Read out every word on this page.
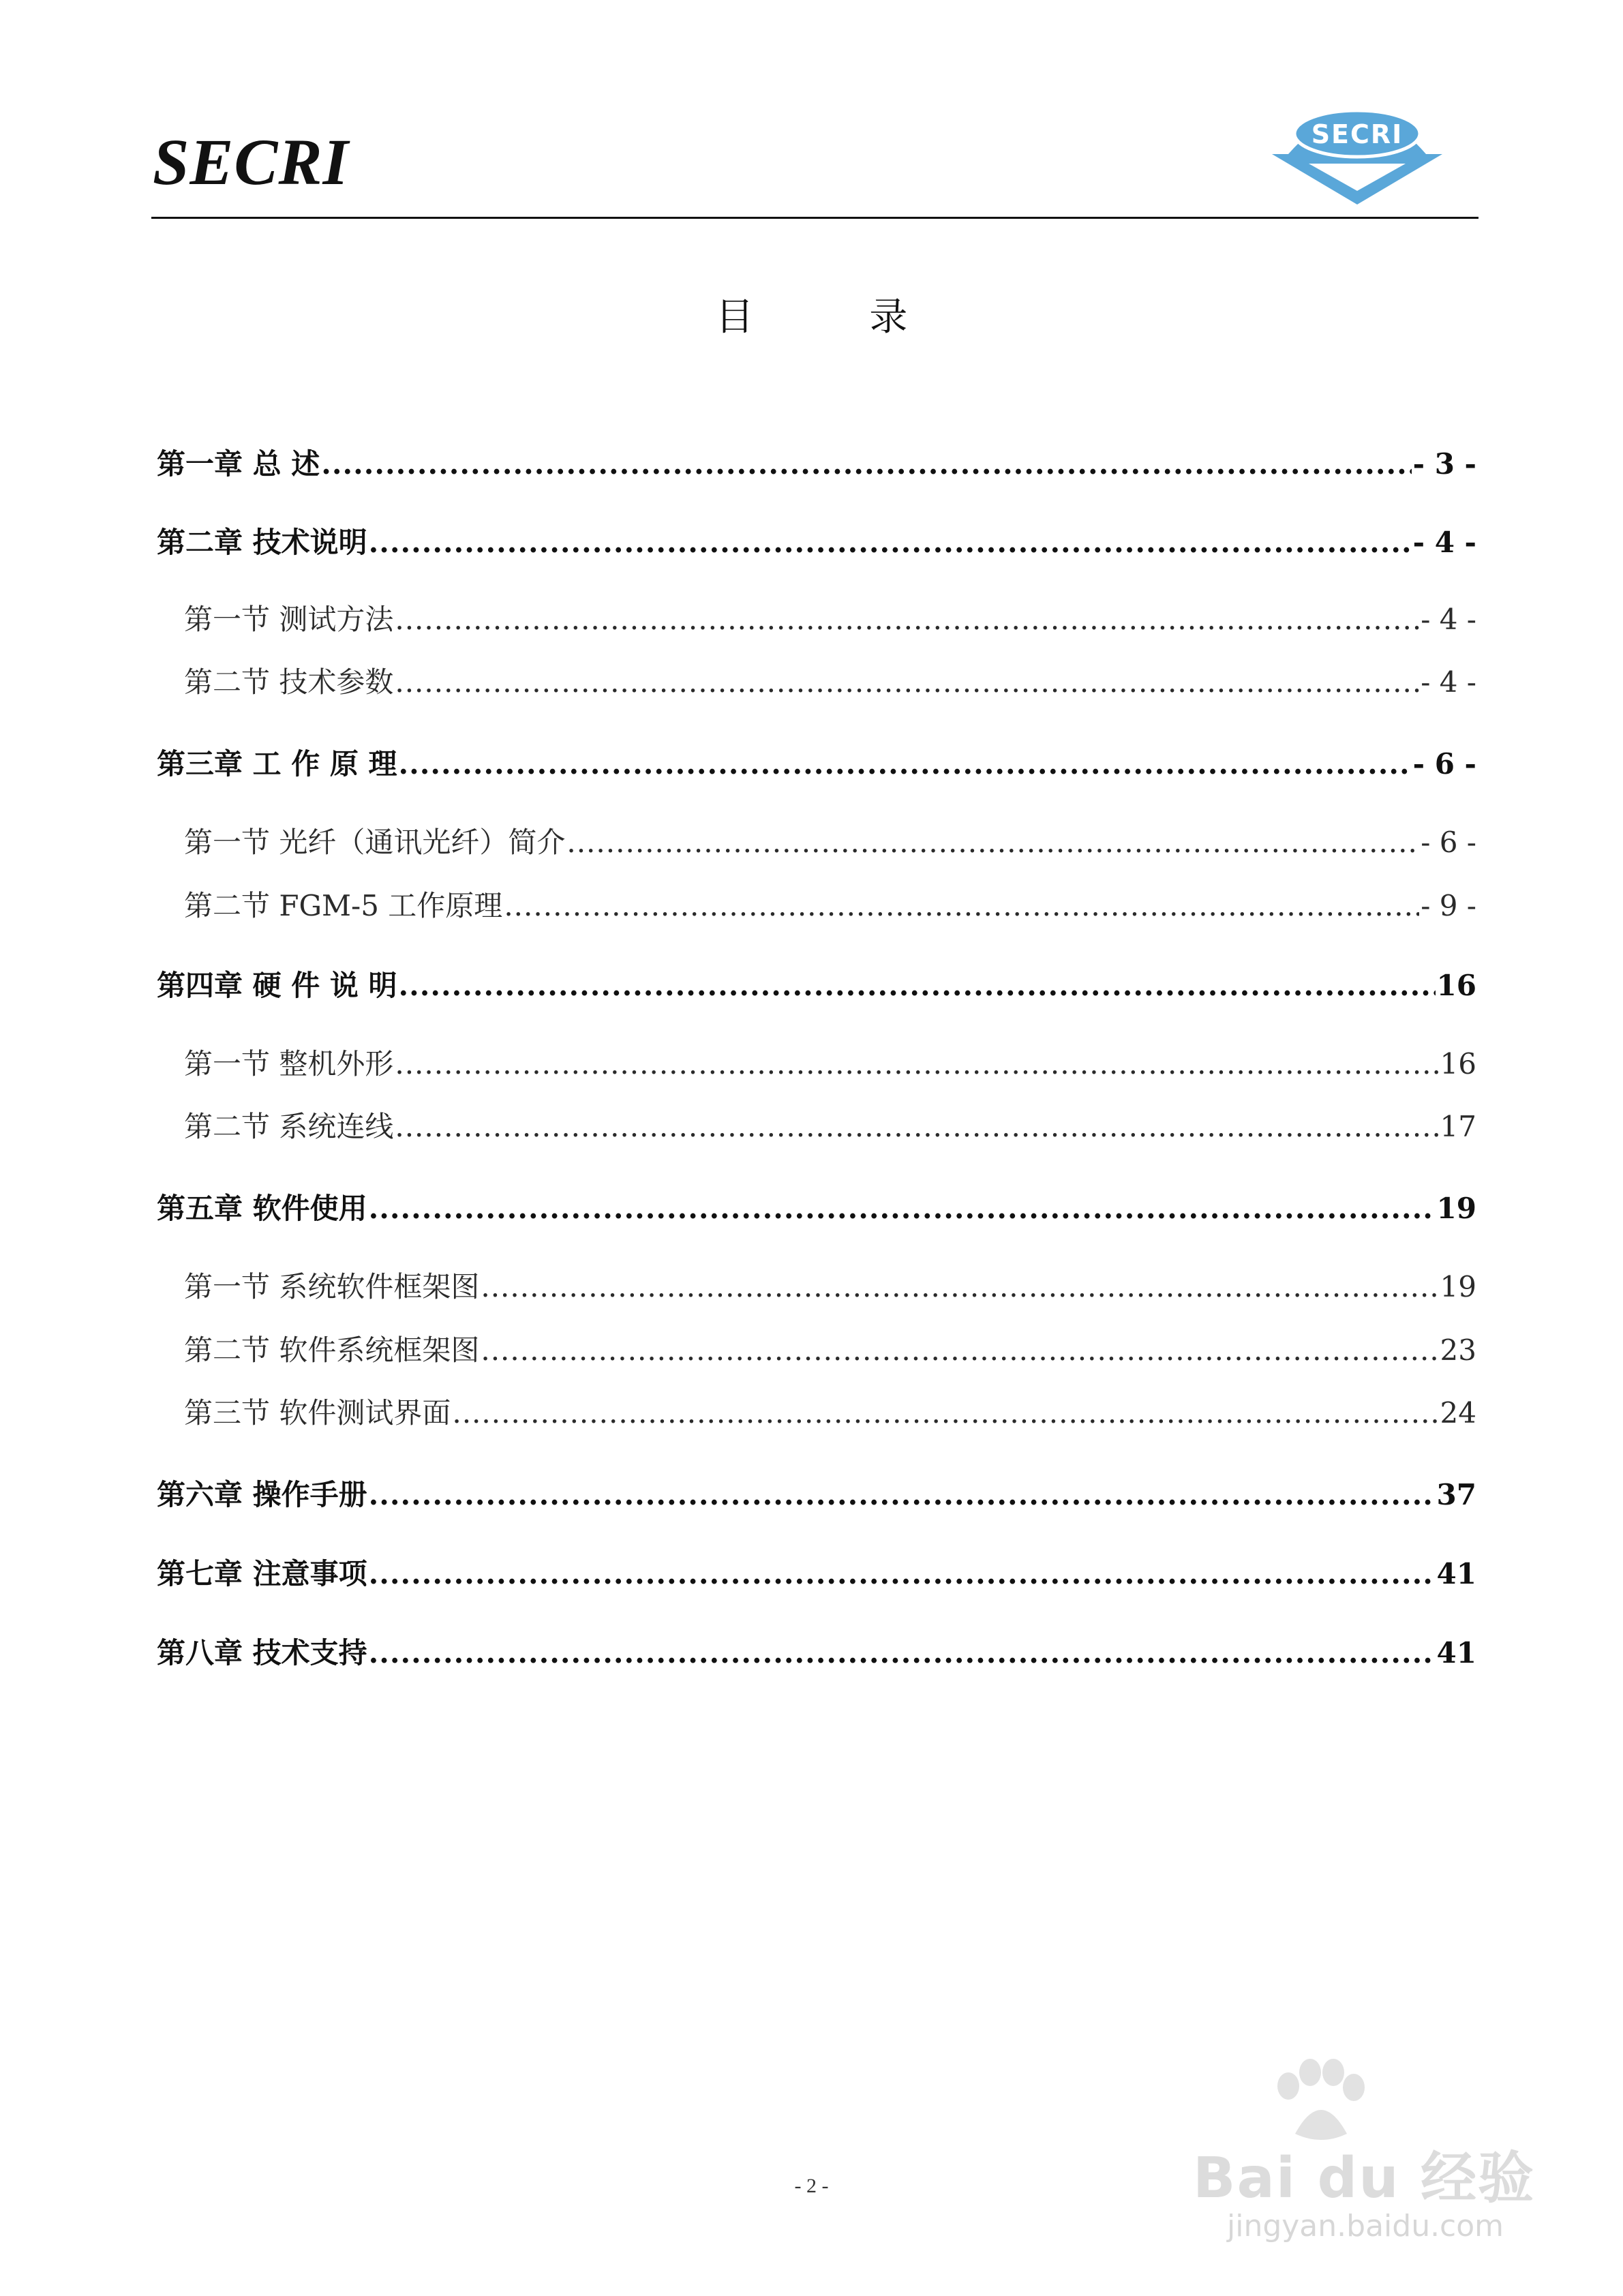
SECRI	SECRI
目 录
第一章 总 述 .....	- 3 -
第二章 技术说明 .....	- 4 -
第一节 测试方法 .....	- 4 -
第二节 技术参数 .....	- 4 -
第三章 工 作 原 理 .....	- 6 -
第一节 光纤（通讯光纤）简介 .....	- 6 -
第二节 FGM-5 工作原理 .....	- 9 -
第四章 硬 件 说 明 .....	16
第一节 整机外形 .....	16
第二节 系统连线 .....	17
第五章 软件使用 .....	19
第一节 系统软件框架图 .....	19
第二节 软件系统框架图 .....	23
第三节 软件测试界面 .....	24
第六章 操作手册 .....	37
第七章 注意事项 .....	41
第八章 技术支持 .....	41
- 2 -	Bai du 经验
jingyan.baidu.com
